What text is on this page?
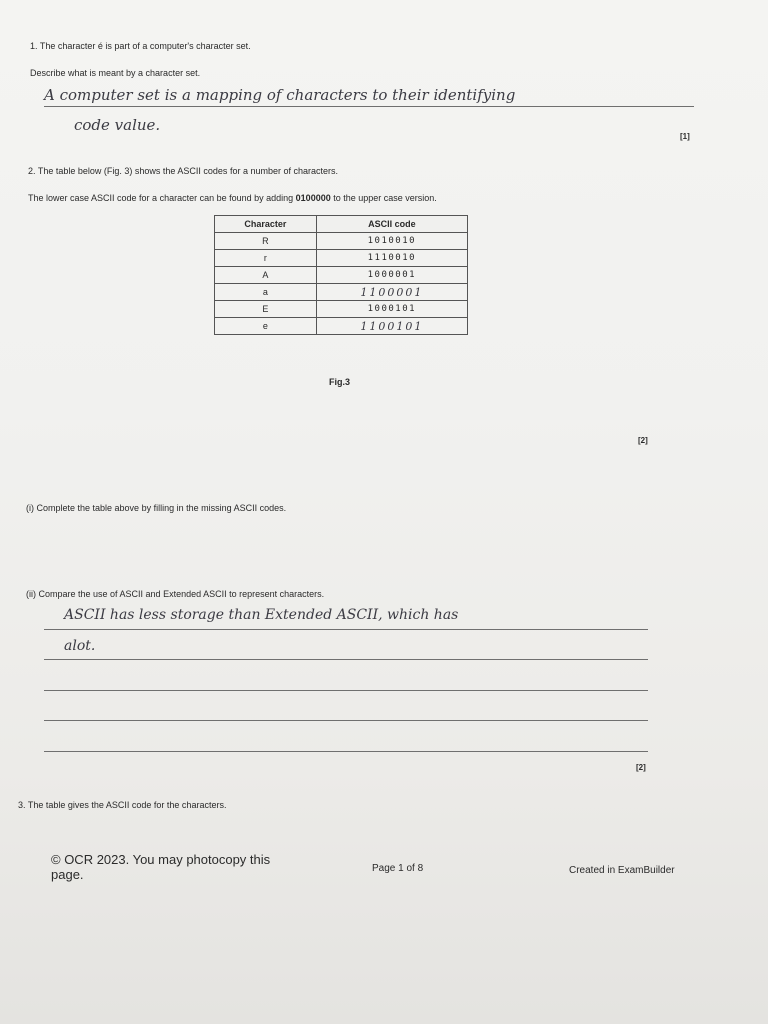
1. The character é is part of a computer's character set.
Describe what is meant by a character set.
A computer set is a mapping of characters to their identifying
code value.
[1]
2. The table below (Fig. 3) shows the ASCII codes for a number of characters.
The lower case ASCII code for a character can be found by adding 0100000 to the upper case version.
Character	ASCII code
R	1010010
r	1110010
A	1000001
a	1100001
E	1000101
e	1100101
Fig.3
[2]
(i) Complete the table above by filling in the missing ASCII codes.
(ii) Compare the use of ASCII and Extended ASCII to represent characters.
ASCII has less storage than Extended ASCII, which has
alot.
[2]
3. The table gives the ASCII code for the characters.
© OCR 2023. You may photocopy this
page.	Page 1 of 8	Created in ExamBuilder
